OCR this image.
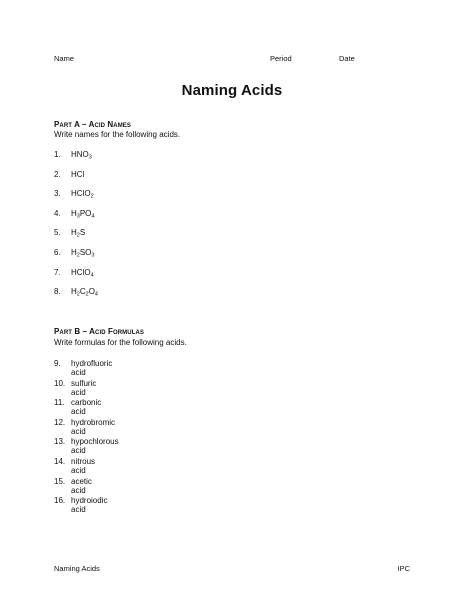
Name	Period	Date
Naming Acids
Part A – Acid Names
Write names for the following acids.
1. $HNO_3$
2. HCl
3. HClO$_2$
4. $H_3PO_4$
5. $H_2S$
6. $H_2SO_3$
7. HClO$_4$
8. $H_2C_2O_4$
Part B – Acid Formulas
Write formulas for the following acids.
9. hydrofluoric acid
10. sulfuric acid
11. carbonic acid
12. hydrobromic acid
13. hypochlorous acid
14. nitrous acid
15. acetic acid
16. hydroiodic acid
Naming Acids	IPC
